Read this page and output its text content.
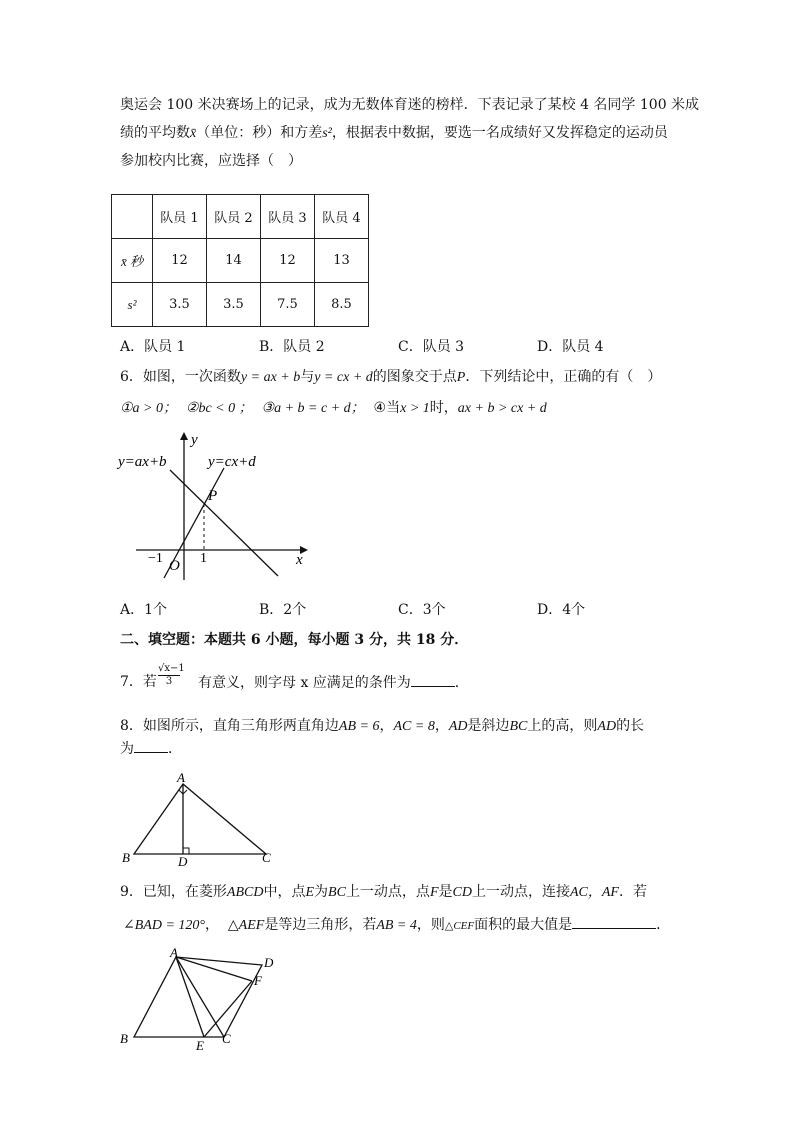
奥运会 100 米决赛场上的记录，成为无数体育迷的榜样．下表记录了某校 4 名同学 100 米成
绩的平均数x̄（单位：秒）和方差s²，根据表中数据，要选一名成绩好又发挥稳定的运动员
参加校内比赛，应选择（　）
	队员 1	队员 2	队员 3	队员 4
x̄ 秒	12	14	12	13
s²	3.5	3.5	7.5	8.5
A．队员 1	B．队员 2	C．队员 3	D．队员 4
6．如图，一次函数y = ax + b与y = cx + d的图象交于点P．下列结论中，正确的有（　）
①a > 0； ②bc < 0 ； ③a + b = c + d； ④当x > 1时，ax + b > cx + d
y=ax+b	y=cx+d
y
x
P
O
−1	1
A．1个	B．2个	C．3个	D．4个
二、填空题：本题共 6 小题，每小题 3 分，共 18 分．
7．若 $\frac{√x-1}{3}$ 有意义，则字母 x 应满足的条件为	．
8．如图所示，直角三角形两直角边AB = 6，AC = 8，AD是斜边BC上的高，则AD的长
为 ．
A
B	C
D
9．已知，在菱形ABCD中，点E为BC上一动点，点F是CD上一动点，连接AC，AF．若
∠BAD = 120°， △AEF是等边三角形，若AB = 4，则△CEF面积的最大值是	．
A
B	C
D
E
F
